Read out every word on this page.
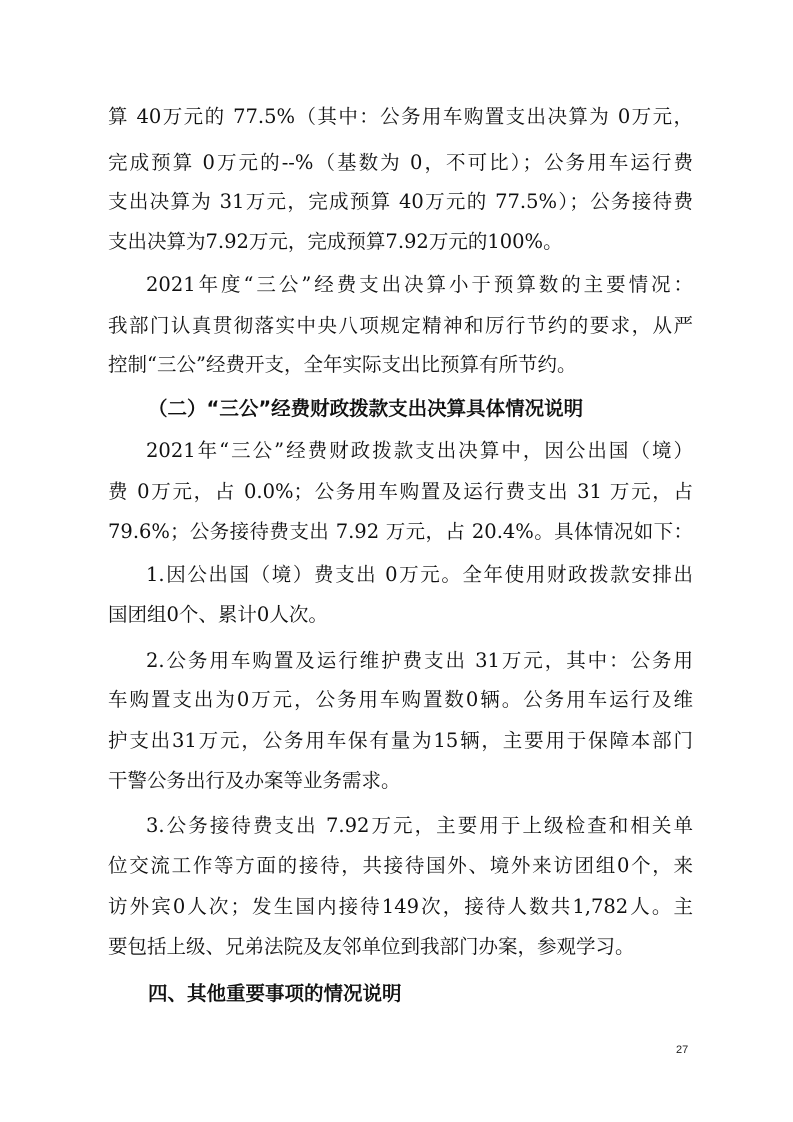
算 40万元的 77.5%（其中：公务用车购置支出决算为 0万元，
完成预算 0万元的--%（基数为 0，不可比）；公务用车运行费
支出决算为 31万元，完成预算 40万元的 77.5%）；公务接待费
支出决算为7.92万元，完成预算7.92万元的100%。
2021年度“三公”经费支出决算小于预算数的主要情况：
我部门认真贯彻落实中央八项规定精神和厉行节约的要求，从严
控制“三公”经费开支，全年实际支出比预算有所节约。
（二）“三公”经费财政拨款支出决算具体情况说明
2021年“三公”经费财政拨款支出决算中，因公出国（境）
费 0万元，占 0.0%；公务用车购置及运行费支出 31 万元，占
79.6%；公务接待费支出 7.92 万元，占 20.4%。具体情况如下：
1.因公出国（境）费支出 0万元。全年使用财政拨款安排出
国团组0个、累计0人次。
2.公务用车购置及运行维护费支出 31万元，其中：公务用
车购置支出为0万元，公务用车购置数0辆。公务用车运行及维
护支出31万元，公务用车保有量为15辆，主要用于保障本部门
干警公务出行及办案等业务需求。
3.公务接待费支出 7.92万元，主要用于上级检查和相关单
位交流工作等方面的接待，共接待国外、境外来访团组0个，来
访外宾0人次；发生国内接待149次，接待人数共1,782人。主
要包括上级、兄弟法院及友邻单位到我部门办案，参观学习。
四、其他重要事项的情况说明
27
